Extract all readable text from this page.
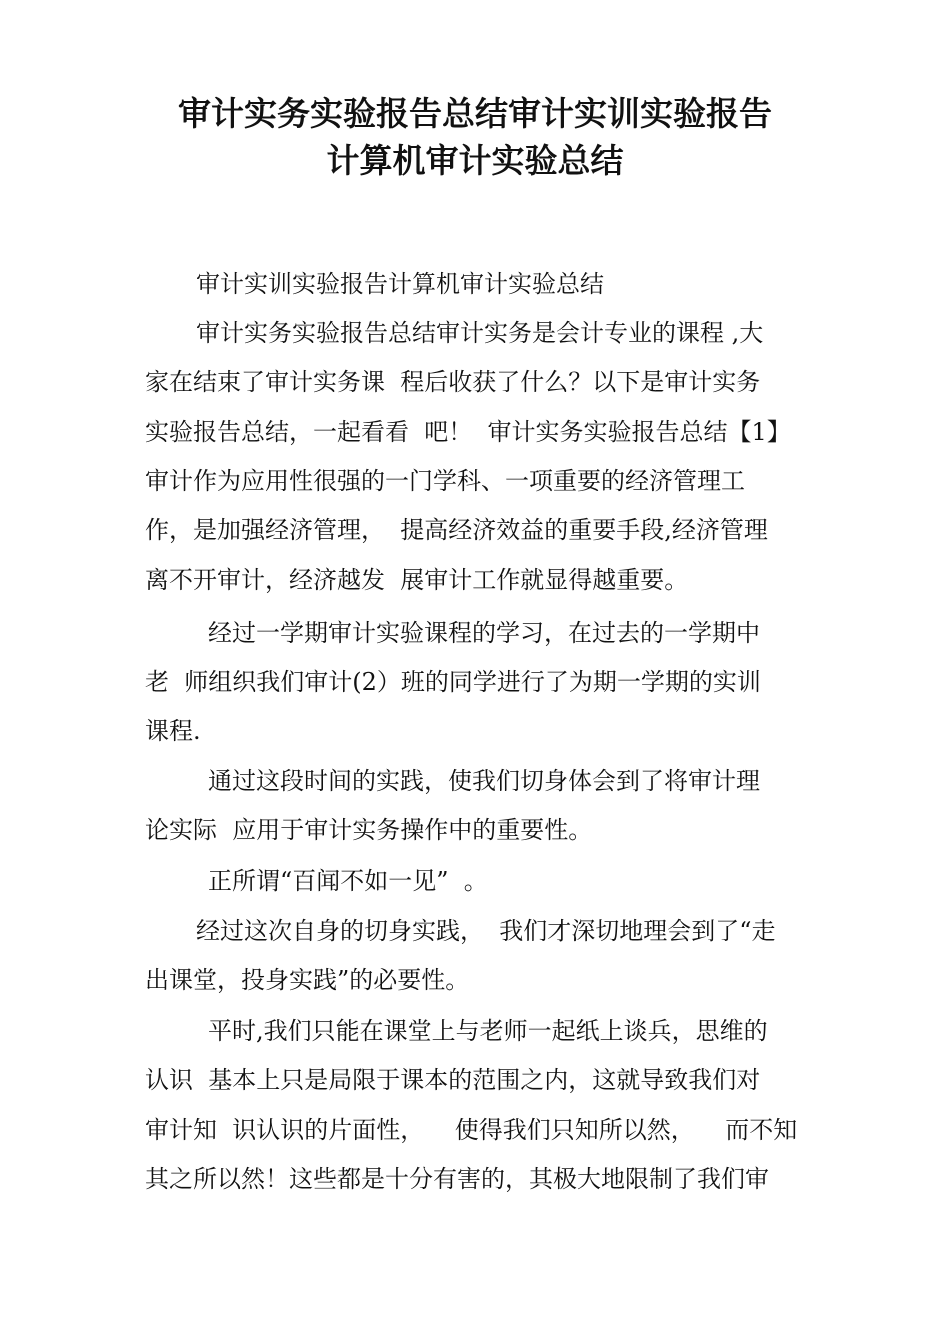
审计实务实验报告总结审计实训实验报告
计算机审计实验总结
审计实训实验报告计算机审计实验总结
审计实务实验报告总结审计实务是会计专业的课程 ,大
家在结束了审计实务课  程后收获了什么？以下是审计实务
实验报告总结，一起看看  吧！  审计实务实验报告总结【1】
审计作为应用性很强的一门学科、一项重要的经济管理工
作，是加强经济管理，  提高经济效益的重要手段,经济管理
离不开审计，经济越发  展审计工作就显得越重要。
经过一学期审计实验课程的学习，在过去的一学期中
老  师组织我们审计(2）班的同学进行了为期一学期的实训
课程.
通过这段时间的实践，使我们切身体会到了将审计理
论实际  应用于审计实务操作中的重要性。
正所谓“百闻不如一见”  。
经过这次自身的切身实践，  我们才深切地理会到了“走
出课堂，投身实践”的必要性。
平时,我们只能在课堂上与老师一起纸上谈兵，思维的
认识  基本上只是局限于课本的范围之内，这就导致我们对
审计知  识认识的片面性，    使得我们只知所以然，    而不知
其之所以然！这些都是十分有害的，其极大地限制了我们审
